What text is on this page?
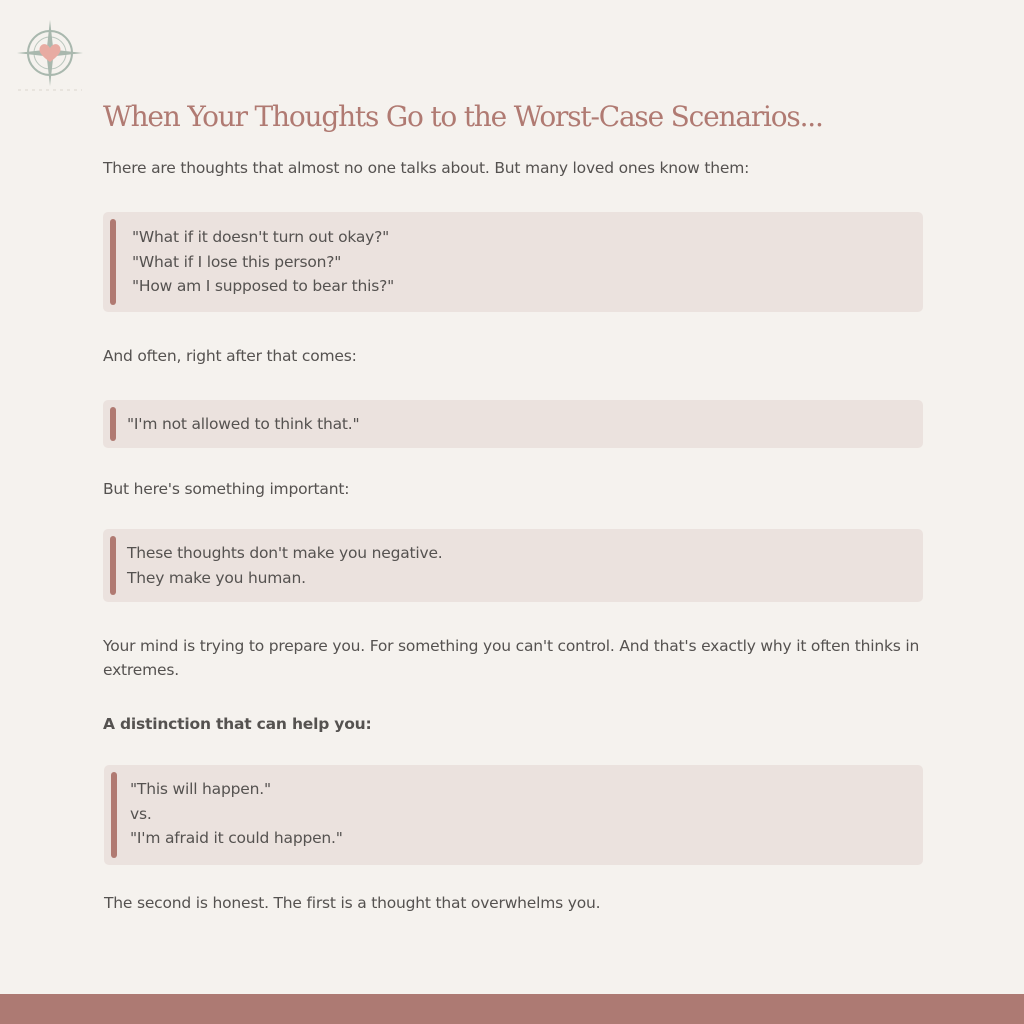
When Your Thoughts Go to the Worst-Case Scenarios...

There are thoughts that almost no one talks about. But many loved ones know them:

"What if it doesn't turn out okay?"
"What if I lose this person?"
"How am I supposed to bear this?"

And often, right after that comes:

"I'm not allowed to think that."

But here's something important:

These thoughts don't make you negative.
They make you human.

Your mind is trying to prepare you. For something you can't control. And that's exactly why it often thinks in extremes.

A distinction that can help you:

"This will happen."
vs.
"I'm afraid it could happen."

The second is honest. The first is a thought that overwhelms you.
